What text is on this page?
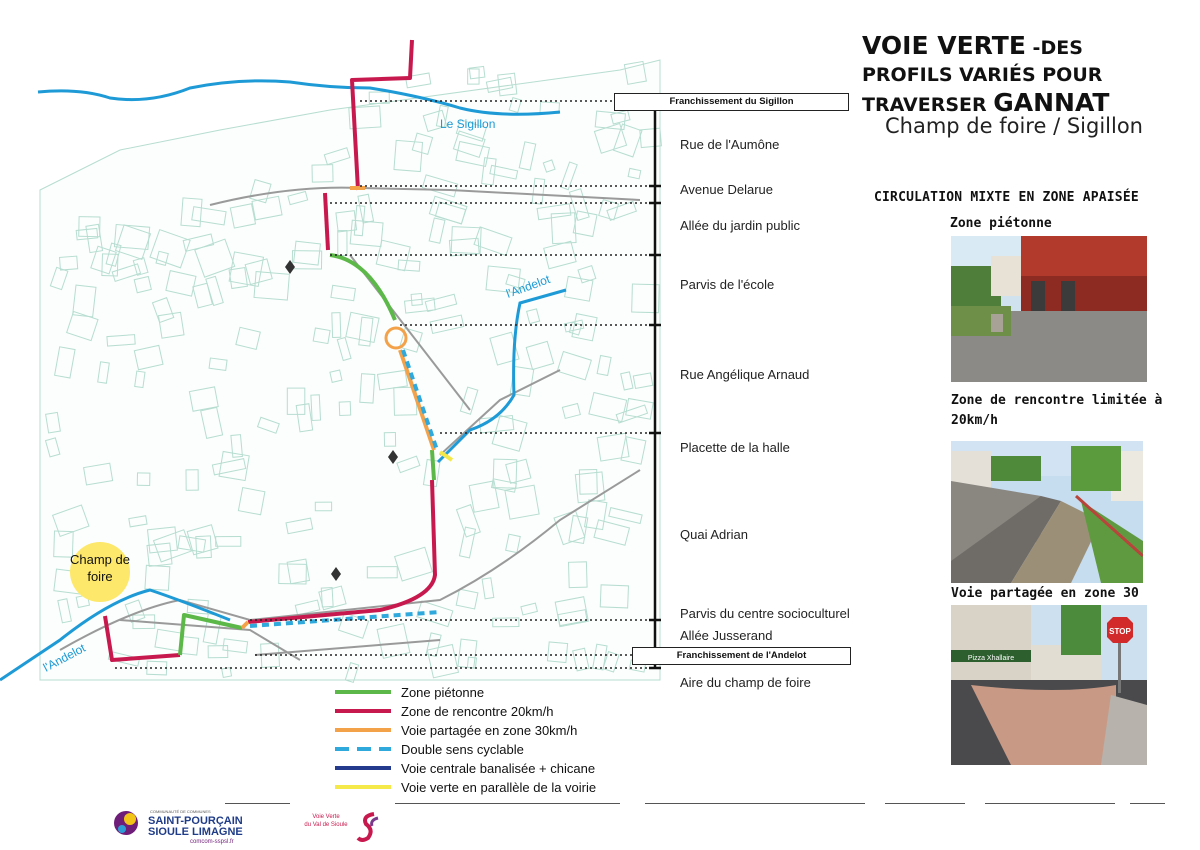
Le Sigillon
l'Andelot
l'Andelot
Champ de
foire
VOIE VERTE -DES
PROFILS VARIÉS POUR
TRAVERSER GANNAT
Champ de foire / Sigillon
Franchissement du Sigillon
Franchissement de l'Andelot
Rue de l'Aumône
Avenue Delarue
Allée du jardin public
Parvis de l'école
Rue Angélique Arnaud
Placette de la halle
Quai Adrian
Parvis du centre socioculturel
Allée Jusserand
Aire du champ de foire
CIRCULATION MIXTE EN ZONE APAISÉE
Zone piétonne
Zone de rencontre limitée à
20km/h
Voie partagée en zone 30
STOP
Pizza Xhallaire
Zone piétonne
Zone de rencontre 20km/h
Voie partagée en zone 30km/h
Double sens cyclable
Voie centrale banalisée + chicane
Voie verte en parallèle de la voirie
COMMUNAUTÉ DE COMMUNES
SAINT-POURÇAIN
SIOULE LIMAGNE
comcom-sspsl.fr
Voie Verte
du Val de Sioule
